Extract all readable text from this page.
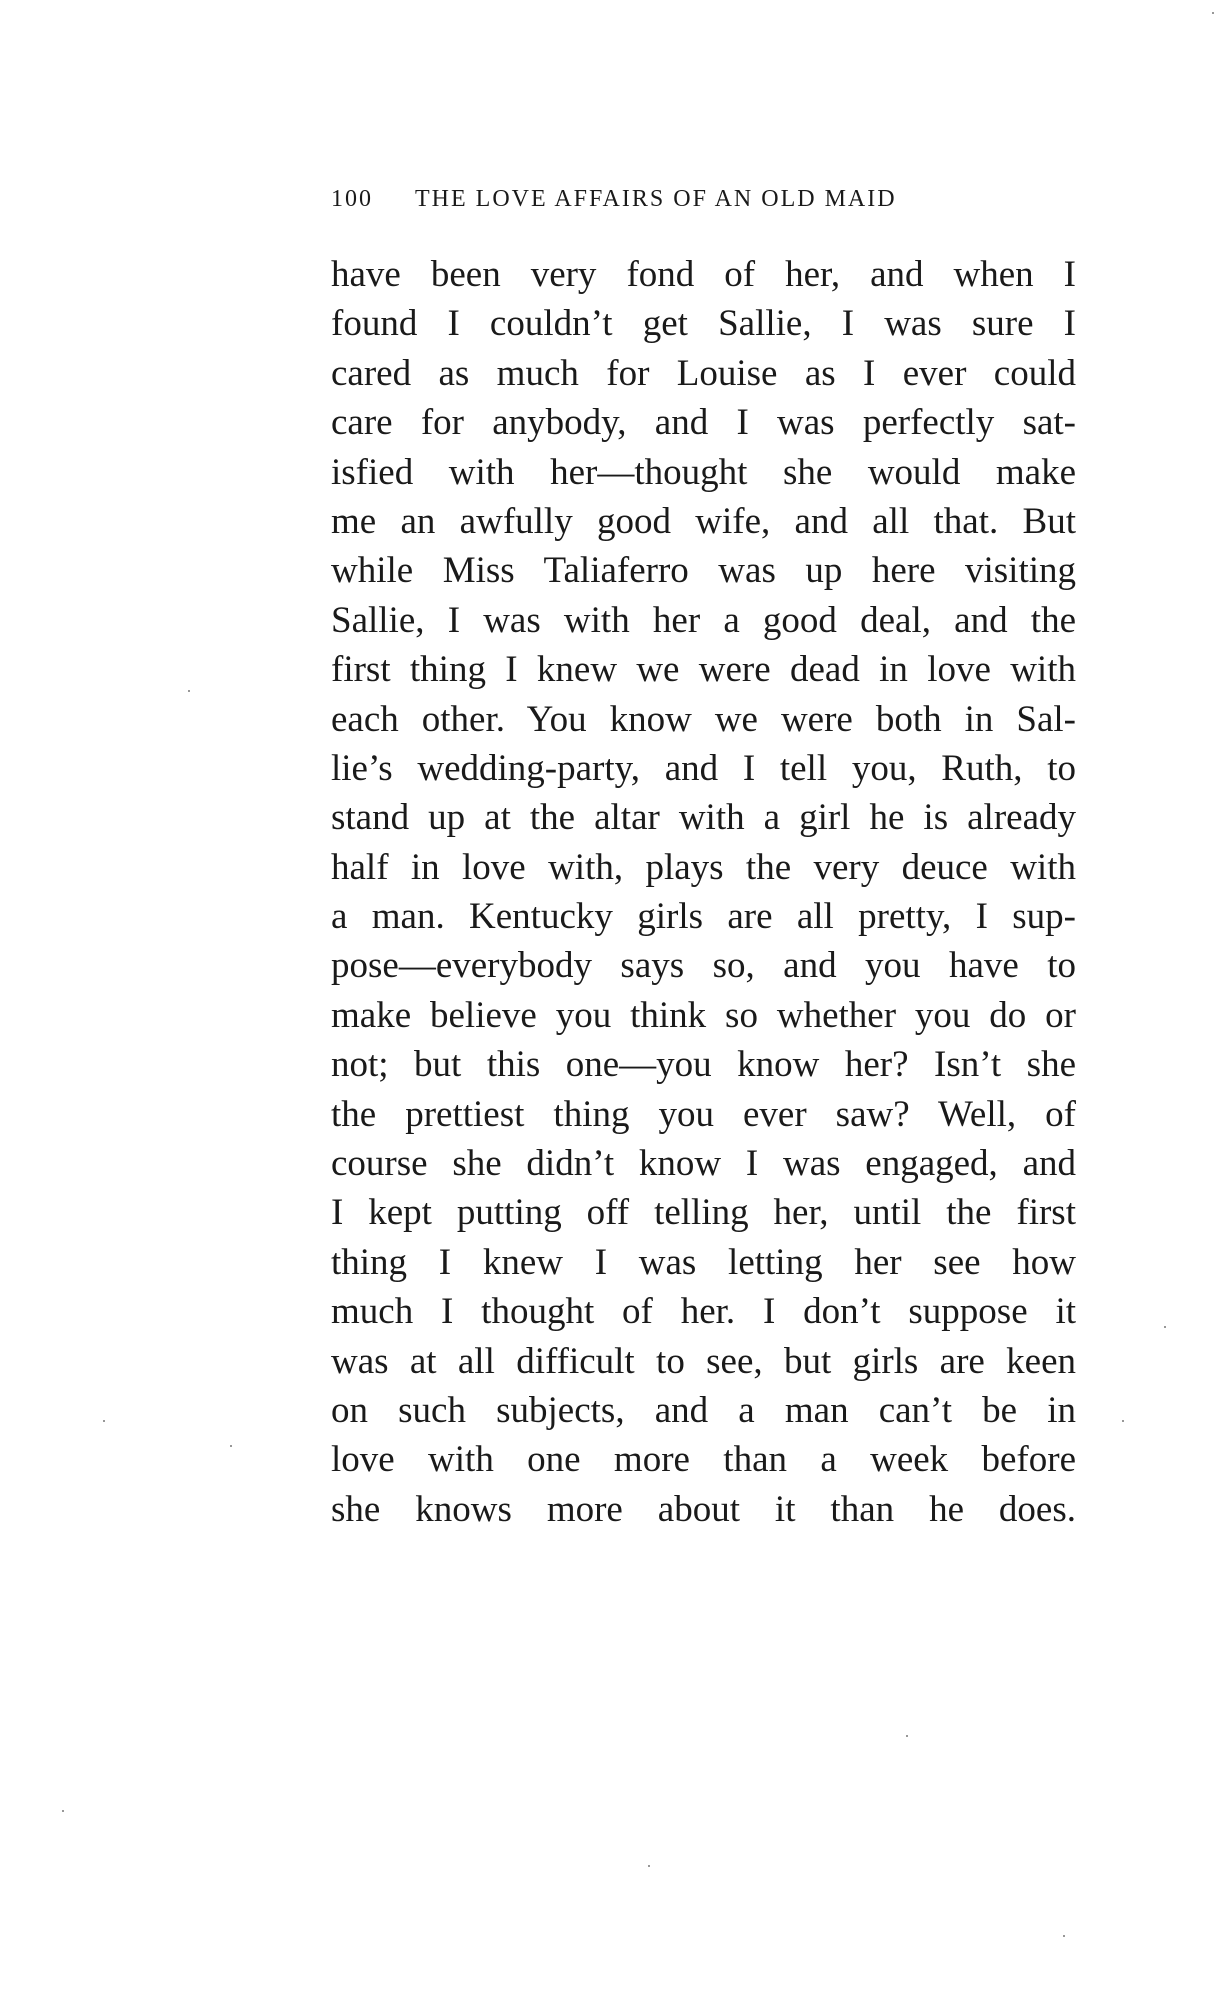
100 THE LOVE AFFAIRS OF AN OLD MAID
have been very fond of her, and when I
found I couldn’t get Sallie, I was sure I
cared as much for Louise as I ever could
care for anybody, and I was perfectly sat-
isfied with her—thought she would make
me an awfully good wife, and all that. But
while Miss Taliaferro was up here visiting
Sallie, I was with her a good deal, and the
first thing I knew we were dead in love with
each other. You know we were both in Sal-
lie’s wedding-party, and I tell you, Ruth, to
stand up at the altar with a girl he is already
half in love with, plays the very deuce with
a man. Kentucky girls are all pretty, I sup-
pose—everybody says so, and you have to
make believe you think so whether you do or
not; but this one—you know her? Isn’t she
the prettiest thing you ever saw? Well, of
course she didn’t know I was engaged, and
I kept putting off telling her, until the first
thing I knew I was letting her see how
much I thought of her. I don’t suppose it
was at all difficult to see, but girls are keen
on such subjects, and a man can’t be in
love with one more than a week before
she knows more about it than he does.
